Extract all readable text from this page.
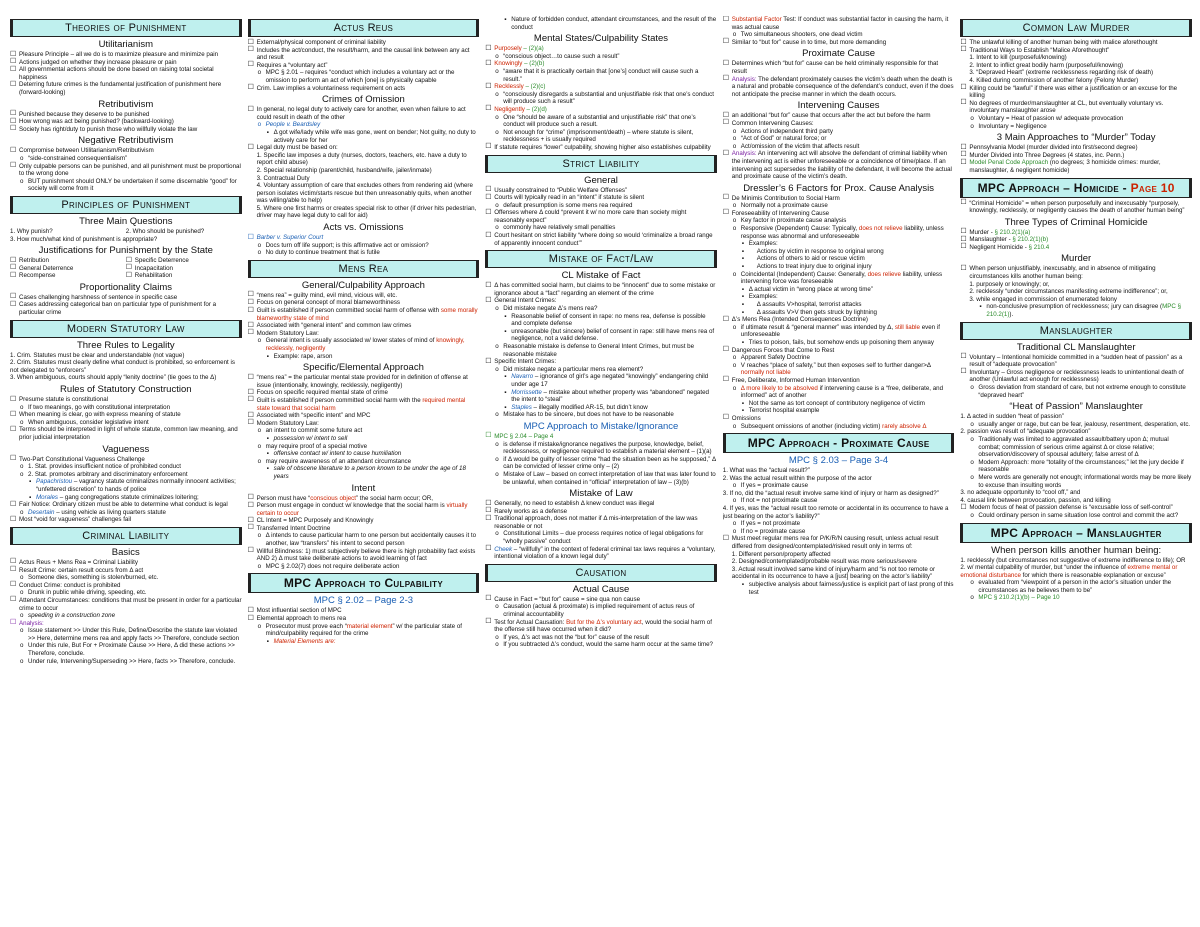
Theories of Punishment
Utilitarianism
☐ Pleasure Principle – all we do is to maximize pleasure and minimize pain
☐ Actions judged on whether they increase pleasure or pain
☐ All governmental actions should be done based on raising total societal happiness
☐ Deterring future crimes is the fundamental justification of punishment here (forward-looking)
Retributivism
☐ Punished because they deserve to be punished
☐ How wrong was act being punished? (backward-looking)
☐ Society has right/duty to punish those who willfully violate the law
Negative Retributivism
☐ Compromise between Utilitarianism/Retributivism
o “side-constrained consequentialism”
☐ Only culpable persons can be punished, and all punishment must be proportional to the wrong done
o BUT punishment should ONLY be undertaken if some discernable “good” for society will come from it
Principles of Punishment
Three Main Questions
1. Why punish?	2. Who should be punished?
3. How much/what kind of punishment is appropriate?
Justifications for Punishment by the State
☐ Retribution
☐ General Deterrence
☐ Recompense
☐ Specific Deterrence
☐ Incapacitation
☐ Rehabilitation
Proportionality Claims
☐ Cases challenging harshness of sentence in specific case
☐ Cases addressing categorical ban on particular type of punishment for a particular crime
Modern Statutory Law
Three Rules to Legality
1. Crim. Statutes must be clear and understandable (not vague)
2. Crim. Statutes must clearly define what conduct is prohibited, so enforcement is not delegated to “enforcers”
3. When ambiguous, courts should apply “lenity doctrine” (tie goes to the Δ)
Rules of Statutory Construction
☐ Presume statute is constitutional
o If two meanings, go with constitutional interpretation
☐ When meaning is clear, go with express meaning of statute
o When ambiguous, consider legislative intent
☐ Terms should be interpreted in light of whole statute, common law meaning, and prior judicial interpretation
Vagueness
☐ Two-Part Constitutional Vagueness Challenge
o 1. Stat. provides insufficient notice of prohibited conduct
o 2. Stat. promotes arbitrary and discriminatory enforcement
▪ Papachristou – vagrancy statute criminalizes normally innocent activities; “unfettered discretion” to hands of police
▪ Morales – gang congregations statute criminalizes loitering;
☐ Fair Notice: Ordinary citizen must be able to determine what conduct is legal
o Desertain – using vehicle as living quarters statute
☐ Most “void for vagueness” challenges fail
Criminal Liability
Basics
☐ Actus Reus + Mens Rea = Criminal Liability
☐ Result Crime: certain result occurs from Δ act
o Someone dies, something is stolen/burned, etc.
☐ Conduct Crime: conduct is prohibited
o Drunk in public while driving, speeding, etc.
☐ Attendant Circumstances: conditions that must be present in order for a particular crime to occur
o speeding in a construction zone
☐ Analysis:
o Issue statement >> Under this Rule, Define/Describe the statute law violated >> Here, determine mens rea and apply facts >> Therefore, conclude section
o Under this rule, But For + Proximate Cause >> Here, Δ did these actions >> Therefore, conclude.
o Under rule, Intervening/Superseding >> Here, facts >> Therefore, conclude.
Actus Reus
☐ External/physical component of criminal liability
☐ Includes the act/conduct, the result/harm, and the causal link between any act and result
☐ Requires a “voluntary act”
o MPC § 2.01 – requires “conduct which includes a voluntary act or the omission to perform an act of which [one] is physically capable
☐ Crim. Law implies a voluntariness requirement on acts
Crimes of Omission
☐ In general, no legal duty to actively care for another, even when failure to act could result in death of the other
o People v. Beardsley
▪ Δ got wife/lady while wife was gone, went on bender; Not guilty, no duty to actively care for her
☐ Legal duty must be based on:
1. Specific law imposes a duty (nurses, doctors, teachers, etc. have a duty to report child abuse)
2. Special relationship (parent/child, husband/wife, jailer/inmate)
3. Contractual Duty
4. Voluntary assumption of care that excludes others from rendering aid (where person isolates victim/starts rescue but then unreasonably quits, when another was willing/able to help)
5. Where one first harms or creates special risk to other (if driver hits pedestrian, driver may have legal duty to call for aid)
Acts vs. Omissions
☐ Barber v. Superior Court
o Docs turn off life support; is this affirmative act or omission?
o No duty to continue treatment that is futile
Mens Rea
General/Culpability Approach
☐ “mens rea” = guilty mind, evil mind, vicious will, etc.
☐ Focus on general concept of moral blameworthiness
☐ Guilt is established if person committed social harm of offense with some morally blameworthy state of mind
☐ Associated with “general intent” and common law crimes
☐ Modern Statutory Law:
o General intent is usually associated w/ lower states of mind of knowingly, recklessly, negligently
▪ Example: rape, arson
Specific/Elemental Approach
☐ “mens rea” = the particular mental state provided for in definition of offense at issue (intentionally, knowingly, recklessly, negligently)
☐ Focus on specific required mental state of crime
☐ Guilt is established if person committed social harm with the required mental state toward that social harm
☐ Associated with “specific intent” and MPC
☐ Modern Statutory Law:
o an intent to commit some future act
▪ possession w/ intent to sell
o may require proof of a special motive
▪ offensive contact w/ intent to cause humiliation
o may require awareness of an attendant circumstance
▪ sale of obscene literature to a person known to be under the age of 18 years
Intent
☐ Person must have “conscious object” the social harm occur; OR,
☐ Person must engage in conduct w/ knowledge that the social harm is virtually certain to occur
☐ CL Intent = MPC Purposely and Knowingly
☐ Transferred Intent Doctrine
o Δ intends to cause particular harm to one person but accidentally causes it to another, law “transfers” his intent to second person
☐ Willful Blindness: 1) must subjectively believe there is high probability fact exists AND 2) Δ must take deliberate actions to avoid learning of fact
o MPC § 2.02(7) does not require deliberate action
MPC Approach to Culpability
MPC § 2.02 – Page 2-3
☐ Most influential section of MPC
☐ Elemental approach to mens rea
o Prosecutor must prove each “material element” w/ the particular state of mind/culpability required for the crime
▪ Material Elements are:
▪ Nature of forbidden conduct, attendant circumstances, and the result of the conduct
Mental States/Culpability States
☐ Purposely – (2)(a)
o “conscious object…to cause such a result”
☐ Knowingly – (2)(b)
o “aware that it is practically certain that [one’s] conduct will cause such a result.”
☐ Recklessly – (2)(c)
o “consciously disregards a substantial and unjustifiable risk that one’s conduct will produce such a result”
☐ Negligently – (2)(d)
o One “should be aware of a substantial and unjustifiable risk” that one’s conduct will produce such a result.
o Not enough for “crime” (imprisonment/death) – where statute is silent, recklessness + is usually required
☐ If statute requires “lower” culpability, showing higher also establishes culpability
Strict Liability
General
☐ Usually constrained to “Public Welfare Offenses”
☐ Courts will typically read in an “intent” if statute is silent
o default presumption is some mens rea required
☐ Offenses where Δ could “prevent it w/ no more care than society might reasonably expect”
o commonly have relatively small penalties
☐ Court hesitant on strict liability “where doing so would ‘criminalize a broad range of apparently innocent conduct’”
Mistake of Fact/Law
CL Mistake of Fact
☐ Δ has committed social harm, but claims to be “innocent” due to some mistake or ignorance about a “fact” regarding an element of the crime
☐ General Intent Crimes:
o Did mistake negate Δ’s mens rea?
▪ Reasonable belief of consent in rape: no mens rea, defense is possible and complete defense
▪ unreasonable (but sincere) belief of consent in rape: still have mens rea of negligence, not a valid defense.
o Reasonable mistake is defense to General Intent Crimes, but must be reasonable mistake
☐ Specific Intent Crimes:
o Did mistake negate a particular mens rea element?
▪ Navarro – ignorance of girl’s age negated “knowingly” endangering child under age 17
▪ Morrissette – mistake about whether property was “abandoned” negated the intent to “steal”
▪ Staples – illegally modified AR-15, but didn’t know
o Mistake has to be sincere, but does not have to be reasonable
MPC Approach to Mistake/Ignorance
☐ MPC § 2.04 – Page 4
o is defense if mistake/ignorance negatives the purpose, knowledge, belief, recklessness, or negligence required to establish a material element – (1)(a)
o if Δ would be guilty of lesser crime “had the situation been as he supposed,” Δ can be convicted of lesser crime only – (2)
o Mistake of Law – based on correct interpretation of law that was later found to be unlawful, when contained in “official” interpretation of law – (3)(b)
Mistake of Law
☐ Generally, no need to establish Δ knew conduct was illegal
☐ Rarely works as a defense
☐ Traditional approach, does not matter if Δ mis-interpretation of the law was reasonable or not
o Constitutional Limits – due process requires notice of legal obligations for “wholly passive” conduct
☐ Cheek – “willfully” in the context of federal criminal tax laws requires a “voluntary, intentional violation of a known legal duty”
Causation
Actual Cause
☐ Cause in Fact = “but for” cause = sine qua non cause
o Causation (actual & proximate) is implied requirement of actus reus of criminal accountability
☐ Test for Actual Causation: But for the Δ’s voluntary act, would the social harm of the offense still have occurred when it did?
o If yes, Δ’s act was not the “but for” cause of the result
o If you subtracted Δ’s conduct, would the same harm occur at the same time?
☐ Substantial Factor Test: If conduct was substantial factor in causing the harm, it was actual cause
o Two simultaneous shooters, one dead victim
☐ Similar to “but for” cause in to time, but more demanding
Proximate Cause
☐ Determines which “but for” cause can be held criminally responsible for that result
☐ Analysis: The defendant proximately causes the victim’s death when the death is a natural and probable consequence of the defendant’s conduct, even if the does not anticipate the precise manner in which the death occurs.
Intervening Causes
☐ an additional “but for” cause that occurs after the act but before the harm
☐ Common Intervening Causes:
o Actions of independent third party
o “Act of God” or natural force; or
o Act/omission of the victim that affects result
☐ Analysis: An intervening act will absolve the defendant of criminal liability when the intervening act is either unforeseeable or a coincidence of time/place. If an intervening act supersedes the liability of the defendant, it will become the actual and proximate cause of the victim’s death.
Dressler’s 6 Factors for Prox. Cause Analysis
☐ De Minimis Contribution to Social Harm
o Normally not a proximate cause
☐ Foreseeability of Intervening Cause
o Key factor in proximate cause analysis
o Responsive (Dependent) Cause: Typically, does not relieve liability, unless response was abnormal and unforeseeable
▪ Examples:
▪ Actions by victim in response to original wrong
▪ Actions of others to aid or rescue victim
▪ Actions to treat injury due to original injury
o Coincidental (Independent) Cause: Generally, does relieve liability, unless intervening force was foreseeable
▪ Δ actual victim in “wrong place at wrong time”
▪ Examples:
▪ Δ assaults V>hospital, terrorist attacks
▪ Δ assaults V>V then gets struck by lightning
☐ Δ’s Mens Rea (Intended Consequences Doctrine)
o if ultimate result & “general manner” was intended by Δ, still liable even if unforeseeable
▪ Tries to poison, fails, but somehow ends up poisoning them anyway
☐ Dangerous Forces that Come to Rest
o Apparent Safety Doctrine
o V reaches “place of safety,” but then exposes self to further danger>Δ normally not liable
☐ Free, Deliberate, Informed Human Intervention
o Δ more likely to be absolved if intervening cause is a “free, deliberate, and informed” act of another
▪ Not the same as tort concept of contributory negligence of victim
▪ Terrorist hospital example
☐ Omissions
o Subsequent omissions of another (including victim) rarely absolve Δ
MPC Approach - Proximate Cause
MPC § 2.03 – Page 3-4
1. What was the “actual result?”
2. Was the actual result within the purpose of the actor
o If yes = proximate cause
3. If no, did the “actual result involve same kind of injury or harm as designed?”
o If not = not proximate cause
4. If yes, was the “actual result too remote or accidental in its occurrence to have a just bearing on the actor’s liability?”
o If yes = not proximate
o If no = proximate cause
☐ Must meet regular mens rea for P/K/R/N causing result, unless actual result differed from designed/contemplated/risked result only in terms of:
1. Different person/property affected
2. Designed/contemplated/probable result was more serious/severe
3. Actual result involved same kind of injury/harm and “is not too remote or accidental in its occurrence to have a [just] bearing on the actor’s liability”
▪ subjective analysis about fairness/justice is explicit part of last prong of this test
Common Law Murder
☐ The unlawful killing of another human being with malice aforethought
☐ Traditional Ways to Establish “Malice Aforethought”
1. Intent to kill (purposeful/knowing)
2. Intent to inflict great bodily harm (purposeful/knowing)
3. “Depraved Heart” (extreme recklessness regarding risk of death)
4. Killed during commission of another felony (Felony Murder)
☐ Killing could be “lawful” if there was either a justification or an excuse for the killing
☐ No degrees of murder/manslaughter at CL, but eventually voluntary vs. involuntary manslaughter arose
o Voluntary = Heat of passion w/ adequate provocation
o Involuntary = Negligence
3 Main Approaches to “Murder” Today
☐ Pennsylvania Model (murder divided into first/second degree)
☐ Murder Divided into Three Degrees (4 states, inc. Penn.)
☐ Model Penal Code Approach (no degrees; 3 homicide crimes: murder, manslaughter, & negligent homicide)
MPC Approach – Homicide - Page 10
☐ “Criminal Homicide” = when person purposefully and inexcusably “purposely, knowingly, recklessly, or negligently causes the death of another human being”
Three Types of Criminal Homicide
☐ Murder - § 210.2(1)(a)
☐ Manslaughter - § 210.2(1)(b)
☐ Negligent Homicide - § 210.4
Murder
☐ When person unjustifiably, inexcusably, and in absence of mitigating circumstances kills another human being:
1. purposely or knowingly; or,
2. recklessly “under circumstances manifesting extreme indifference”; or,
3. while engaged in commission of enumerated felony
▪ non-conclusive presumption of recklessness; jury can disagree (MPC § 210.2(1)).
Manslaughter
Traditional CL Manslaughter
☐ Voluntary – Intentional homicide committed in a “sudden heat of passion” as a result of “adequate provocation”
☐ Involuntary – Gross negligence or recklessness leads to unintentional death of another (Unlawful act enough for recklessness)
o Gross deviation from standard of care, but not extreme enough to constitute “depraved heart”
“Heat of Passion” Manslaughter
1. Δ acted in sudden “heat of passion”
o usually anger or rage, but can be fear, jealousy, resentment, desperation, etc.
2. passion was result of “adequate provocation”
o Traditionally was limited to aggravated assault/battery upon Δ; mutual combat; commission of serious crime against Δ or close relative; observation/discovery of spousal adultery; false arrest of Δ
o Modern Approach: more “totality of the circumstances;” let the jury decide if reasonable
o Mere words are generally not enough; informational words may be more likely to excuse than insulting words
3. no adequate opportunity to “cool off,” and
4. causal link between provocation, passion, and killing
☐ Modern focus of heat of passion defense is “excusable loss of self-control”
o Could ordinary person in same situation lose control and commit the act?
MPC Approach – Manslaughter
When person kills another human being:
1. recklessly (but circumstances not suggestive of extreme indifference to life); OR
2. w/ mental culpability of murder, but “under the influence of extreme mental or emotional disturbance for which there is reasonable explanation or excuse”
o evaluated from “viewpoint of a person in the actor’s situation under the circumstances as he believes them to be”
o MPC § 210.2(1)(b) – Page 10
